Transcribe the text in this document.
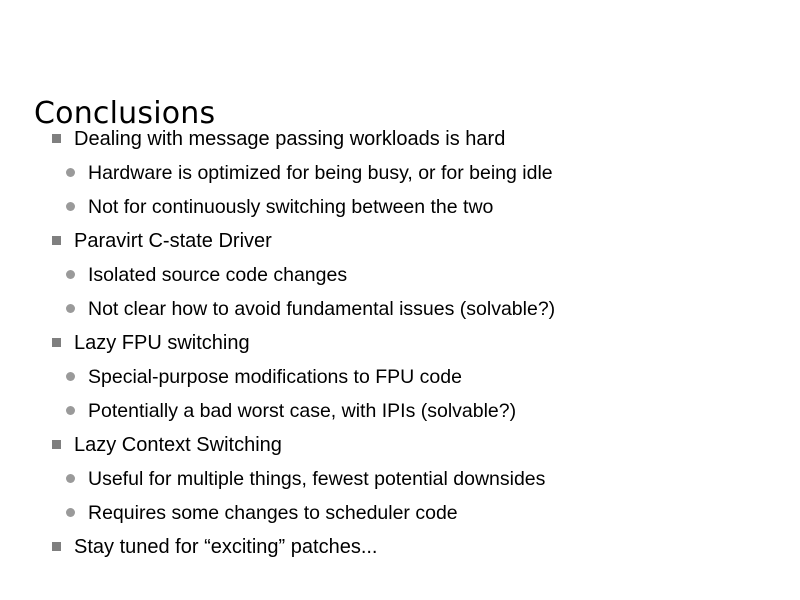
Conclusions
Dealing with message passing workloads is hard
Hardware is optimized for being busy, or for being idle
Not for continuously switching between the two
Paravirt C-state Driver
Isolated source code changes
Not clear how to avoid fundamental issues (solvable?)
Lazy FPU switching
Special-purpose modifications to FPU code
Potentially a bad worst case, with IPIs (solvable?)
Lazy Context Switching
Useful for multiple things, fewest potential downsides
Requires some changes to scheduler code
Stay tuned for “exciting” patches...
